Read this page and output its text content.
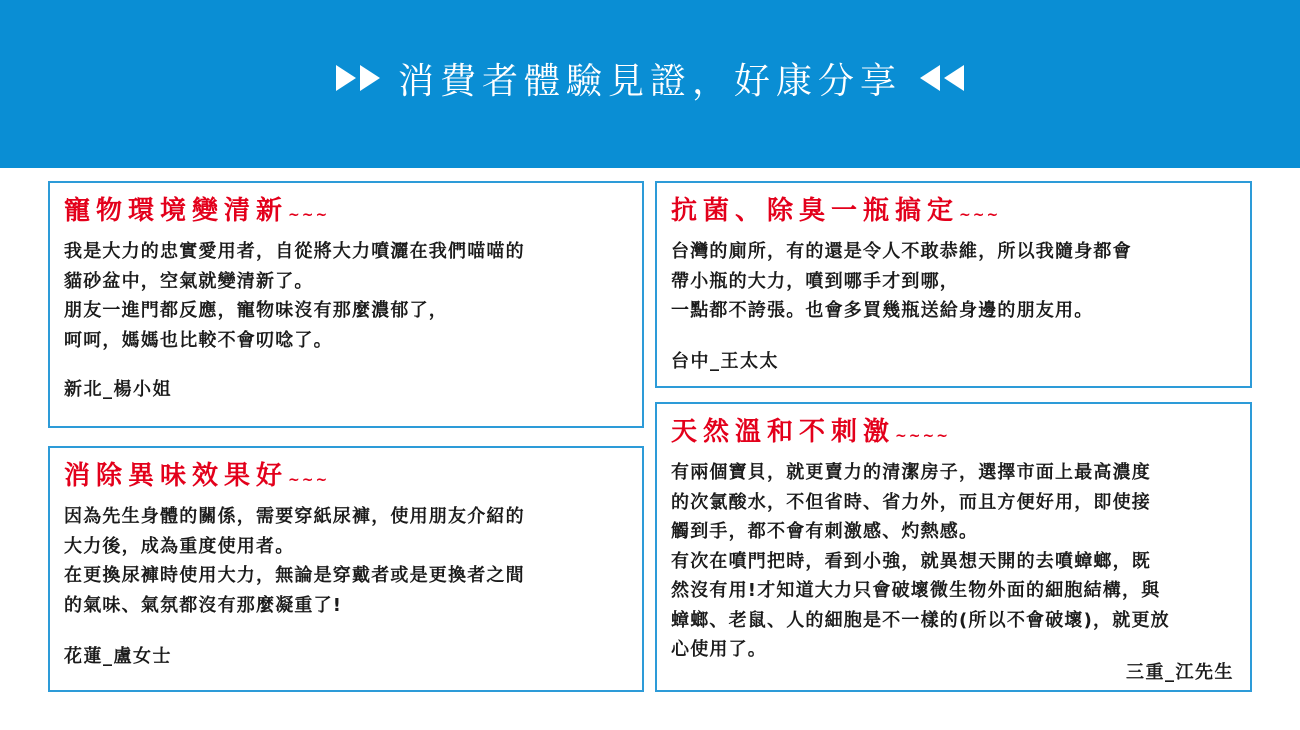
消費者體驗見證，好康分享
寵物環境變清新~~~
我是大力的忠實愛用者，自從將大力噴灑在我們喵喵的
貓砂盆中，空氣就變清新了。
朋友一進門都反應，寵物味沒有那麼濃郁了，
呵呵，媽媽也比較不會叨唸了。
新北_楊小姐
抗菌、除臭一瓶搞定~~~
台灣的廁所，有的還是令人不敢恭維，所以我隨身都會
帶小瓶的大力，噴到哪手才到哪，
一點都不誇張。也會多買幾瓶送給身邊的朋友用。
台中_王太太
消除異味效果好~~~
因為先生身體的關係，需要穿紙尿褲，使用朋友介紹的
大力後，成為重度使用者。
在更換尿褲時使用大力，無論是穿戴者或是更換者之間
的氣味、氣氛都沒有那麼凝重了!
花蓮_盧女士
天然溫和不刺激~~~~
有兩個寶貝，就更賣力的清潔房子，選擇市面上最高濃度
的次氯酸水，不但省時、省力外，而且方便好用，即使接
觸到手，都不會有刺激感、灼熱感。
有次在噴門把時，看到小強，就異想天開的去噴蟑螂，既
然沒有用!才知道大力只會破壞微生物外面的細胞結構，與
蟑螂、老鼠、人的細胞是不一樣的(所以不會破壞)，就更放
心使用了。
三重_江先生
